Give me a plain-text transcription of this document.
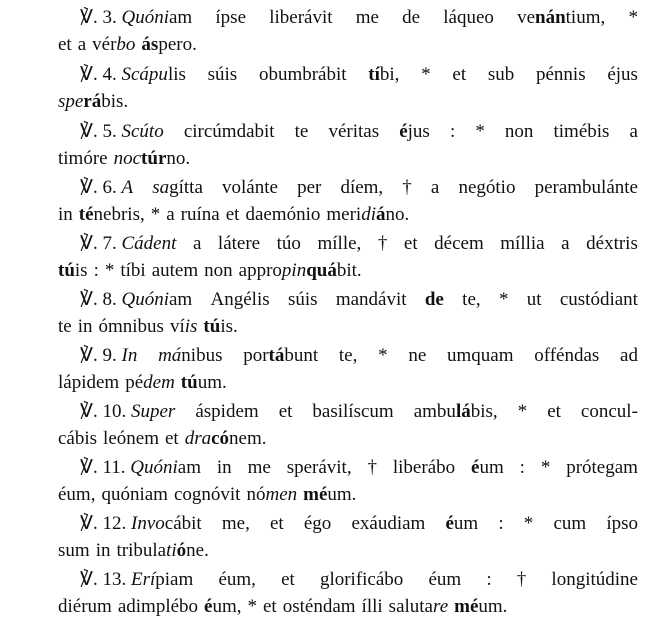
℣. 3. Quóniam ípse liberávit me de láqueo venántium, *
et a vérbo áspero.
℣. 4. Scápulis súis obumbrábit tíbi, * et sub pénnis éjus
sperábis.
℣. 5. Scúto circúmdabit te véritas éjus : * non timébis a
timóre noctúrno.
℣. 6. A sagítta volánte per díem, † a negótio perambulánte
in ténebris, * a ruína et daemónio meridiáno.
℣. 7. Cádent a látere túo mílle, † et décem míllia a déxtris
túis : * tíbi autem non appropinquábit.
℣. 8. Quóniam Angélis súis mandávit de te, * ut custódiant
te in ómnibus víis túis.
℣. 9. In mánibus portábunt te, * ne umquam offéndas ad
lápidem pédem túum.
℣. 10. Super áspidem et basilíscum ambulábis, * et concul-
cábis leónem et dracónem.
℣. 11. Quóniam in me sperávit, † liberábo éum : * prótegam
éum, quóniam cognóvit nómen méum.
℣. 12. Invocábit me, et égo exáudiam éum : * cum ípso
sum in tribulatióne.
℣. 13. Erípiam éum, et glorificábo éum : † longitúdine
diérum adimplébo éum, * et osténdam ílli salutare méum.
